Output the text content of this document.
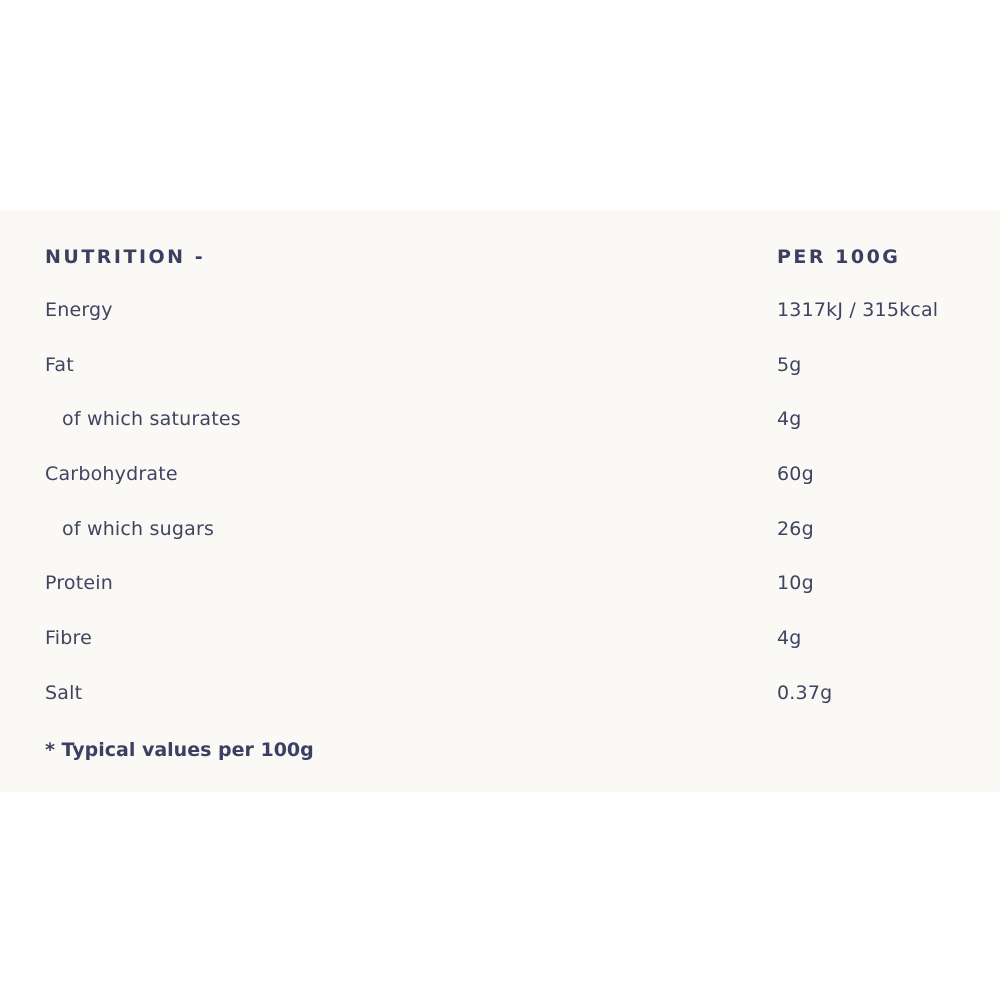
NUTRITION -	PER 100G
Energy	1317kJ / 315kcal
Fat	5g
of which saturates	4g
Carbohydrate	60g
of which sugars	26g
Protein	10g
Fibre	4g
Salt	0.37g
* Typical values per 100g
